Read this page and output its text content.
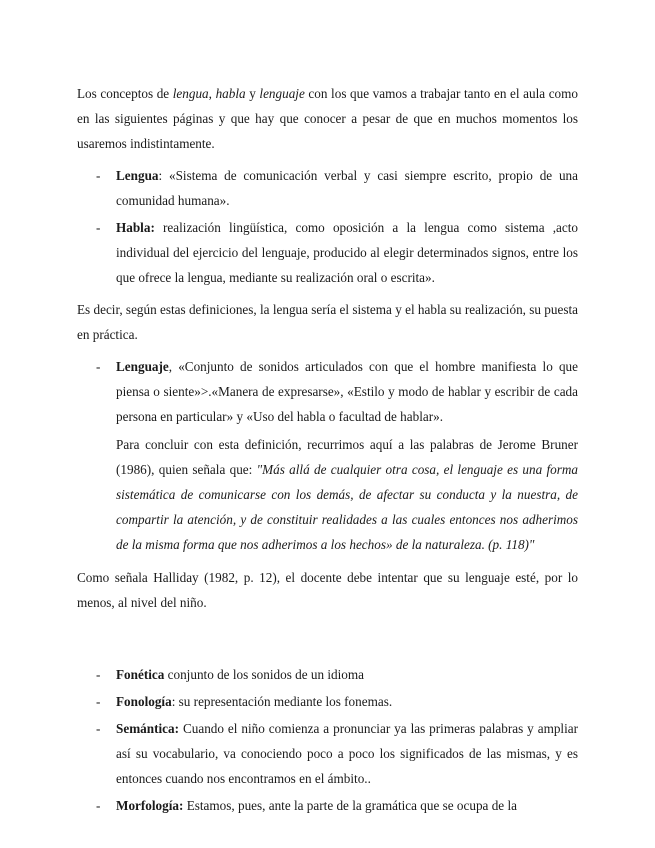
Los conceptos de lengua, habla y lenguaje con los que vamos a trabajar tanto en el aula como en las siguientes páginas y que hay que conocer a pesar de que en muchos momentos los usaremos indistintamente.

- Lengua: «Sistema de comunicación verbal y casi siempre escrito, propio de una comunidad humana».
- Habla: realización lingüística, como oposición a la lengua como sistema ,acto individual del ejercicio del lenguaje, producido al elegir determinados signos, entre los que ofrece la lengua, mediante su realización oral o escrita».

Es decir, según estas definiciones, la lengua sería el sistema y el habla su realización, su puesta en práctica.

- Lenguaje, «Conjunto de sonidos articulados con que el hombre manifiesta lo que piensa o siente»>.«Manera de expresarse», «Estilo y modo de hablar y escribir de cada persona en particular» y «Uso del habla o facultad de hablar».

Para concluir con esta definición, recurrimos aquí a las palabras de Jerome Bruner (1986), quien señala que: "Más allá de cualquier otra cosa, el lenguaje es una forma sistemática de comunicarse con los demás, de afectar su conducta y la nuestra, de compartir la atención, y de constituir realidades a las cuales entonces nos adherimos de la misma forma que nos adherimos a los hechos» de la naturaleza. (p. 118)"

Como señala Halliday (1982, p. 12), el docente debe intentar que su lenguaje esté, por lo menos, al nivel del niño.

- Fonética conjunto de los sonidos de un idioma
- Fonología: su representación mediante los fonemas.
- Semántica: Cuando el niño comienza a pronunciar ya las primeras palabras y ampliar así su vocabulario, va conociendo poco a poco los significados de las mismas, y es entonces cuando nos encontramos en el ámbito..
- Morfología: Estamos, pues, ante la parte de la gramática que se ocupa de la
